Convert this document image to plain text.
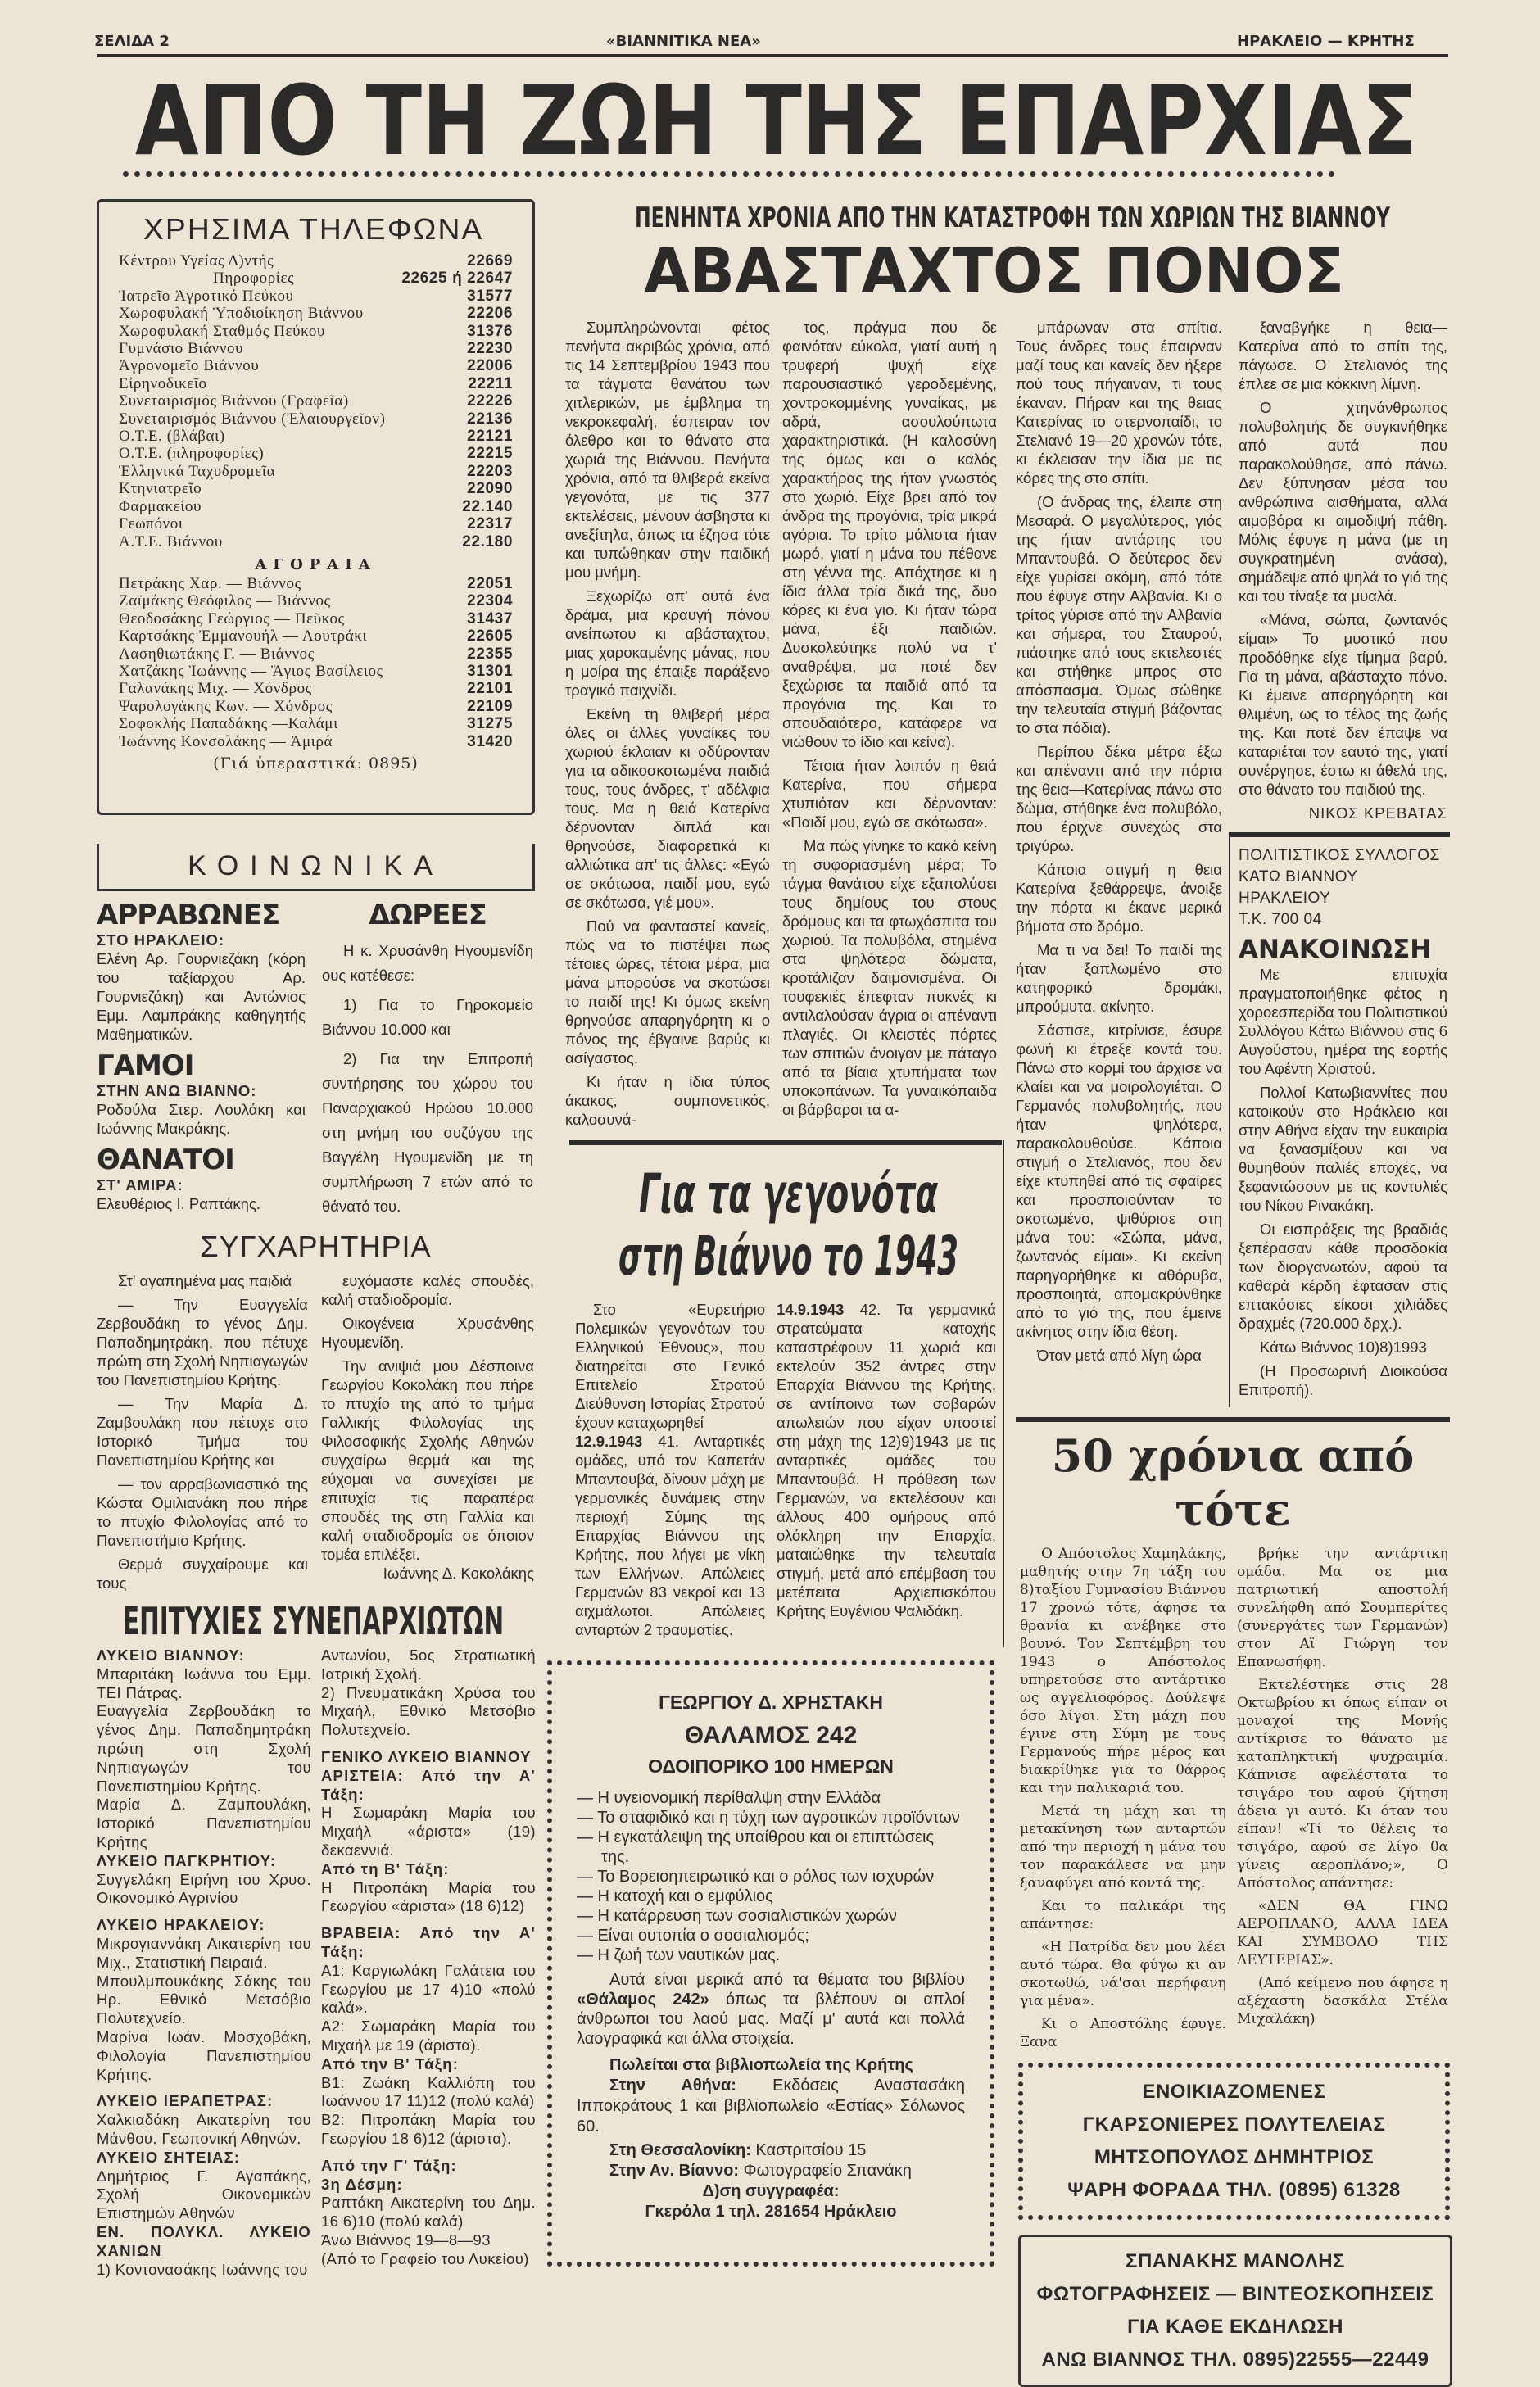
ΣΕΛΙΔΑ 2	«ΒΙΑΝΝΙΤΙΚΑ ΝΕΑ»	ΗΡΑΚΛΕΙΟ — ΚΡΗΤΗΣ
ΑΠΟ ΤΗ ΖΩΗ ΤΗΣ ΕΠΑΡΧΙΑΣ
ΧΡΗΣΙΜΑ ΤΗΛΕΦΩΝΑ
Κέντρου Υγείας Δ)ντής	22669
Πηροφορίες	22625 ή 22647
Ἰατρεῖο Ἀγροτικό Πεύκου	31577
Χωροφυλακή Ὑποδιοίκηση Βιάννου	22206
Χωροφυλακή Σταθμός Πεύκου	31376
Γυμνάσιο Βιάννου	22230
Ἀγρονομεῖο Βιάννου	22006
Εἰρηνοδικεῖο	22211
Συνεταιρισμός Βιάννου (Γραφεῖα)	22226
Συνεταιρισμός Βιάννου (Ἐλαιουργεῖον)	22136
Ο.Τ.Ε. (βλάβαι)	22121
Ο.Τ.Ε. (πληροφορίες)	22215
Ἑλληνικά Ταχυδρομεῖα	22203
Κτηνιατρεῖο	22090
Φαρμακείου	22.140
Γεωπόνοι	22317
Α.Τ.Ε. Βιάννου	22.180
ΑΓΟΡΑΙΑ
Πετράκης Χαρ. — Βιάννος	22051
Ζαϊμάκης Θεόφιλος — Βιάννος	22304
Θεοδοσάκης Γεώργιος — Πεῦκος	31437
Καρτσάκης Ἐμμανουήλ — Λουτράκι	22605
Λασηθιωτάκης Γ. — Βιάννος	22355
Χατζάκης Ἰωάννης — Ἅγιος Βασίλειος	31301
Γαλανάκης Μιχ. — Χόνδρος	22101
Ψαρολογάκης Κων. — Χόνδρος	22109
Σοφοκλής Παπαδάκης —Καλάμι	31275
Ἰωάννης Κονσολάκης — Ἀμιρά	31420
(Γιά ὑπεραστικά: 0895)
ΚΟΙΝΩΝΙΚΑ
ΑΡΡΑΒΩΝΕΣ
ΣΤΟ ΗΡΑΚΛΕΙΟ:
Ελένη Αρ. Γουρνιεζάκη (κόρη του ταξίαρχου Αρ. Γουρνιεζάκη) και Αντώνιος Εμμ. Λαμπράκης καθηγητής Μαθηματικών.
ΓΑΜΟΙ
ΣΤΗΝ ΑΝΩ ΒΙΑΝΝΟ:
Ροδούλα Στερ. Λουλάκη και Ιωάννης Μακράκης.
ΘΑΝΑΤΟΙ
ΣΤ' ΑΜΙΡΑ:
Ελευθέριος Ι. Ραπτάκης.
ΔΩΡΕΕΣ

Η κ. Χρυσάνθη Ηγουμενίδη ους κατέθεσε:

1) Για το Γηροκομείο Βιάννου 10.000 και

2) Για την Επιτροπή συντήρησης του χώρου του Παναρχιακού Ηρώου 10.000 στη μνήμη του συζύγου της Βαγγέλη Ηγουμενίδη με τη συμπλήρωση 7 ετών από το θάνατό του.

ΣΥΓΧΑΡΗΤΗΡΙΑ

Στ' αγαπημένα μας παιδιά

— Την Ευαγγελία Ζερβουδάκη το γένος Δημ. Παπαδημητράκη, που πέτυχε πρώτη στη Σχολή Νηπιαγωγών του Πανεπιστημίου Κρήτης.

— Την Μαρία Δ. Ζαμβουλάκη που πέτυχε στο Ιστορικό Τμήμα του Πανεπιστημίου Κρήτης και

— τον αρραβωνιαστικό της Κώστα Ομιλιανάκη που πήρε το πτυχίο Φιλολογίας από το Πανεπιστήμιο Κρήτης.

Θερμά συγχαίρουμε και τους

ευχόμαστε καλές σπουδές, καλή σταδιοδρομία.

Οικογένεια Χρυσάνθης Ηγουμενίδη.

Την ανιψιά μου Δέσποινα Γεωργίου Κοκολάκη που πήρε το πτυχίο της από το τμήμα Γαλλικής Φιλολογίας της Φιλοσοφικής Σχολής Αθηνών συγχαίρω θερμά και της εύχομαι να συνεχίσει με επιτυχία τις παραπέρα σπουδές της στη Γαλλία και καλή σταδιοδρομία σε όποιον τομέα επιλέξει.

Ιωάννης Δ. Κοκολάκης
ΕΠΙΤΥΧΙΕΣ ΣΥΝΕΠΑΡΧΙΩΤΩΝ
ΛΥΚΕΙΟ ΒΙΑΝΝΟΥ:
Μπαριτάκη Ιωάννα του Εμμ. ΤΕΙ Πάτρας.
Ευαγγελία Ζερβουδάκη το γένος Δημ. Παπαδημητράκη πρώτη στη Σχολή Νηπιαγωγών του Πανεπιστημίου Κρήτης.
Μαρία Δ. Ζαμπουλάκη, Ιστορικό Πανεπιστημίου Κρήτης
ΛΥΚΕΙΟ ΠΑΓΚΡΗΤΙΟΥ:
Συγγελάκη Ειρήνη του Χρυσ. Οικονομικό Αγρινίου
ΛΥΚΕΙΟ ΗΡΑΚΛΕΙΟΥ:
Μικρογιαννάκη Αικατερίνη του Μιχ., Στατιστική Πειραιά.
Μπουλμπουκάκης Σάκης του Ηρ. Εθνικό Μετσόβιο Πολυτεχνείο.
Μαρίνα Ιωάν. Μοσχοβάκη, Φιλολογία Πανεπιστημίου Κρήτης.
ΛΥΚΕΙΟ ΙΕΡΑΠΕΤΡΑΣ:
Χαλκιαδάκη Αικατερίνη του Μάνθου. Γεωπονική Αθηνών.
ΛΥΚΕΙΟ ΣΗΤΕΙΑΣ:
Δημήτριος Γ. Αγαπάκης, Σχολή Οικονομικών Επιστημών Αθηνών
ΕΝ. ΠΟΛΥΚΛ. ΛΥΚΕΙΟ ΧΑΝΙΩΝ
1) Κοντονασάκης Ιωάννης του
Αντωνίου, 5ος Στρατιωτική Ιατρική Σχολή.
2) Πνευματικάκη Χρύσα του Μιχαήλ, Εθνικό Μετσόβιο Πολυτεχνείο.
ΓΕΝΙΚΟ ΛΥΚΕΙΟ ΒΙΑΝΝΟΥ
ΑΡΙΣΤΕΙΑ: Από την Α' Τάξη:
Η Σωμαράκη Μαρία του Μιχαήλ «άριστα» (19) δεκαεννιά.
Από τη Β' Τάξη:
Η Πιτροπάκη Μαρία του Γεωργίου «άριστα» (18 6)12)
ΒΡΑΒΕΙΑ: Από την Α' Τάξη:
Α1: Καργιωλάκη Γαλάτεια του Γεωργίου με 17 4)10 «πολύ καλά».
Α2: Σωμαράκη Μαρία του Μιχαήλ με 19 (άριστα).
Από την Β' Τάξη:
Β1: Ζωάκη Καλλιόπη του Ιωάννου 17 11)12 (πολύ καλά)
Β2: Πιτροπάκη Μαρία του Γεωργίου 18 6)12 (άριστα).
Από την Γ' Τάξη:
3η Δέσμη:
Ραπτάκη Αικατερίνη του Δημ. 16 6)10 (πολύ καλά)
Άνω Βιάννος 19—8—93
(Από το Γραφείο του Λυκείου)
ΠΕΝΗΝΤΑ ΧΡΟΝΙΑ ΑΠΟ ΤΗΝ ΚΑΤΑΣΤΡΟΦΗ ΤΩΝ ΧΩΡΙΩΝ ΤΗΣ ΒΙΑΝΝΟΥ
ΑΒΑΣΤΑΧΤΟΣ ΠΟΝΟΣ

Συμπληρώνονται φέτος πενήντα ακριβώς χρόνια, από τις 14 Σεπτεμβρίου 1943 που τα τάγματα θανάτου των χιτλερικών, με έμβλημα τη νεκροκεφαλή, έσπειραν τον όλεθρο και το θάνατο στα χωριά της Βιάννου. Πενήντα χρόνια, από τα θλιβερά εκείνα γεγονότα, με τις 377 εκτελέσεις, μένουν άσβηστα κι ανεξίτηλα, όπως τα έζησα τότε και τυπώθηκαν στην παιδική μου μνήμη.

Ξεχωρίζω απ' αυτά ένα δράμα, μια κραυγή πόνου ανείπωτου κι αβάσταχτου, μιας χαροκαμένης μάνας, που η μοίρα της έπαιξε παράξενο τραγικό παιχνίδι.

Εκείνη τη θλιβερή μέρα όλες οι άλλες γυναίκες του χωριού έκλαιαν κι οδύρονταν για τα αδικοσκοτωμένα παιδιά τους, τους άνδρες, τ' αδέλφια τους. Μα η θειά Κατερίνα δέρνονταν διπλά και θρηνούσε, διαφορετικά κι αλλιώτικα απ' τις άλλες: «Εγώ σε σκότωσα, παιδί μου, εγώ σε σκότωσα, γιέ μου».

Πού να φανταστεί κανείς, πώς να το πιστέψει πως τέτοιες ώρες, τέτοια μέρα, μια μάνα μπορούσε να σκοτώσει το παιδί της! Κι όμως εκείνη θρηνούσε απαρηγόρητη κι ο πόνος της έβγαινε βαρύς κι ασίγαστος.

Κι ήταν η ίδια τύπος άκακος, συμπονετικός, καλοσυνά-

τος, πράγμα που δε φαινόταν εύκολα, γιατί αυτή η τρυφερή ψυχή είχε παρουσιαστικό γεροδεμένης, χοντροκομμένης γυναίκας, με αδρά, ασουλούπωτα χαρακτηριστικά. (Η καλοσύνη της όμως και ο καλός χαρακτήρας της ήταν γνωστός στο χωριό. Είχε βρει από τον άνδρα της προγόνια, τρία μικρά αγόρια. Το τρίτο μάλιστα ήταν μωρό, γιατί η μάνα του πέθανε στη γέννα της. Απόχτησε κι η ίδια άλλα τρία δικά της, δυο κόρες κι ένα γιο. Κι ήταν τώρα μάνα, έξι παιδιών. Δυσκολεύτηκε πολύ να τ' αναθρέψει, μα ποτέ δεν ξεχώρισε τα παιδιά από τα προγόνια της. Και το σπουδαιότερο, κατάφερε να νιώθουν το ίδιο και κείνα).

Τέτοια ήταν λοιπόν η θειά Κατερίνα, που σήμερα χτυπιόταν και δέρνονταν: «Παιδί μου, εγώ σε σκότωσα».

Μα πώς γίνηκε το κακό κείνη τη συφοριασμένη μέρα; Το τάγμα θανάτου είχε εξαπολύσει τους δημίους του στους δρόμους και τα φτωχόσπιτα του χωριού. Τα πολυβόλα, στημένα στα ψηλότερα δώματα, κροτάλιζαν δαιμονισμένα. Οι τουφεκιές έπεφταν πυκνές κι αντιλαλούσαν άγρια οι απέναντι πλαγιές. Οι κλειστές πόρτες των σπιτιών άνοιγαν με πάταγο από τα βίαια χτυπήματα των υποκοπάνων. Τα γυναικόπαιδα οι βάρβαροι τα α-

μπάρωναν στα σπίτια. Τους άνδρες τους έπαιρναν μαζί τους και κανείς δεν ήξερε πού τους πήγαιναν, τι τους έκαναν. Πήραν και της θειας Κατερίνας το στερνοπαίδι, το Στελιανό 19—20 χρονών τότε, κι έκλεισαν την ίδια με τις κόρες της στο σπίτι.

(Ο άνδρας της, έλειπε στη Μεσαρά. Ο μεγαλύτερος, γιός της ήταν αντάρτης του Μπαντουβά. Ο δεύτερος δεν είχε γυρίσει ακόμη, από τότε που έφυγε στην Αλβανία. Κι ο τρίτος γύρισε από την Αλβανία και σήμερα, του Σταυρού, πιάστηκε από τους εκτελεστές και στήθηκε μπρος στο απόσπασμα. Όμως σώθηκε την τελευταία στιγμή βάζοντας το στα πόδια).

Περίπου δέκα μέτρα έξω και απέναντι από την πόρτα της θεια—Κατερίνας πάνω στο δώμα, στήθηκε ένα πολυβόλο, που έριχνε συνεχώς στα τριγύρω.

Κάποια στιγμή η θεια Κατερίνα ξεθάρρεψε, άνοιξε την πόρτα κι έκανε μερικά βήματα στο δρόμο.

Μα τι να δει! Το παιδί της ήταν ξαπλωμένο στο κατηφορικό δρομάκι, μπρούμυτα, ακίνητο.

Σάστισε, κιτρίνισε, έσυρε φωνή κι έτρεξε κοντά του. Πάνω στο κορμί του άρχισε να κλαίει και να μοιρολογιέται. Ο Γερμανός πολυβολητής, που ήταν ψηλότερα, παρακολουθούσε. Κάποια στιγμή ο Στελιανός, που δεν είχε κτυπηθεί από τις σφαίρες και προσποιούνταν το σκοτωμένο, ψιθύρισε στη μάνα του: «Σώπα, μάνα, ζωντανός είμαι». Κι εκείνη παρηγορήθηκε κι αθόρυβα, προσποιητά, απομακρύνθηκε από το γιό της, που έμεινε ακίνητος στην ίδια θέση.

Όταν μετά από λίγη ώρα

ξαναβγήκε η θεια—Κατερίνα από το σπίτι της, πάγωσε. Ο Στελιανός της έπλεε σε μια κόκκινη λίμνη.

Ο χτηνάνθρωπος πολυβολητής δε συγκινήθηκε από αυτά που παρακολούθησε, από πάνω. Δεν ξύπνησαν μέσα του ανθρώπινα αισθήματα, αλλά αιμοβόρα κι αιμοδιψή πάθη. Μόλις έφυγε η μάνα (με τη συγκρατημένη ανάσα), σημάδεψε από ψηλά το γιό της και του τίναξε τα μυαλά.

«Μάνα, σώπα, ζωντανός είμαι» Το μυστικό που προδόθηκε είχε τίμημα βαρύ. Για τη μάνα, αβάσταχτο πόνο. Κι έμεινε απαρηγόρητη και θλιμένη, ως το τέλος της ζωής της. Και ποτέ δεν έπαψε να καταριέται τον εαυτό της, γιατί συνέργησε, έστω κι άθελά της, στο θάνατο του παιδιού της.

ΝΙΚΟΣ ΚΡΕΒΑΤΑΣ
ΠΟΛΙΤΙΣΤΙΚΟΣ ΣΥΛΛΟΓΟΣ
ΚΑΤΩ ΒΙΑΝΝΟΥ ΗΡΑΚΛΕΙΟΥ
Τ.Κ. 700 04
ΑΝΑΚΟΙΝΩΣΗ

Με επιτυχία πραγματοποιήθηκε φέτος η χοροεσπερίδα του Πολιτιστικού Συλλόγου Κάτω Βιάννου στις 6 Αυγούστου, ημέρα της εορτής του Αφέντη Χριστού.

Πολλοί Κατωβιαννίτες που κατοικούν στο Ηράκλειο και στην Αθήνα είχαν την ευκαιρία να ξανασμίξουν και να θυμηθούν παλιές εποχές, να ξεφαντώσουν με τις κοντυλιές του Νίκου Ρινακάκη.

Οι εισπράξεις της βραδιάς ξεπέρασαν κάθε προσδοκία των διοργανωτών, αφού τα καθαρά κέρδη έφτασαν στις επτακόσιες είκοσι χιλιάδες δραχμές (720.000 δρχ.).

Κάτω Βιάννος 10)8)1993

(Η Προσωρινή Διοικούσα Επιτροπή).

Για τα γεγονότα
στη Βιάννο το 1943
Στο «Ευρετήριο Πολεμικών γεγονότων του Ελληνικού Έθνους», που διατηρείται στο Γενικό Επιτελείο Στρατού Διεύθυνση Ιστορίας Στρατού έχουν καταχωρηθεί
12.9.1943 41. Ανταρτικές ομάδες, υπό τον Καπετάν Μπαντουβά, δίνουν μάχη με γερμανικές δυνάμεις στην περιοχή Σύμης της Επαρχίας Βιάννου της Κρήτης, που λήγει με νίκη των Ελλήνων. Απώλειες Γερμανών 83 νεκροί και 13 αιχμάλωτοι. Απώλειες ανταρτών 2 τραυματίες.
14.9.1943 42. Τα γερμανικά στρατεύματα κατοχής καταστρέφουν 11 χωριά και εκτελούν 352 άντρες στην Επαρχία Βιάννου της Κρήτης, σε αντίποινα των σοβαρών απωλειών που είχαν υποστεί στη μάχη της 12)9)1943 με τις ανταρτικές ομάδες του Μπαντουβά. Η πρόθεση των Γερμανών, να εκτελέσουν και άλλους 400 ομήρους από ολόκληρη την Επαρχία, ματαιώθηκε την τελευταία στιγμή, μετά από επέμβαση του μετέπειτα Αρχιεπισκόπου Κρήτης Ευγένιου Ψαλιδάκη.
50 χρόνια από τότε

Ο Απόστολος Χαμηλάκης, μαθητής στην 7η τάξη του 8)ταξίου Γυμνασίου Βιάννου 17 χρονώ τότε, άφησε τα θρανία κι ανέβηκε στο βουνό. Τον Σεπτέμβρη του 1943 ο Απόστολος υπηρετούσε στο αντάρτικο ως αγγελιοφόρος. Δούλεψε όσο λίγοι. Στη μάχη που έγινε στη Σύμη με τους Γερμανούς πήρε μέρος και διακρίθηκε για το θάρρος και την παλικαριά του.

Μετά τη μάχη και τη μετακίνηση των ανταρτών από την περιοχή η μάνα του τον παρακάλεσε να μην ξαναφύγει από κοντά της.

Και το παλικάρι της απάντησε:

«Η Πατρίδα δεν μου λέει αυτό τώρα. Θα φύγω κι αν σκοτωθώ, νά'σαι περήφανη για μένα».

Κι ο Αποστόλης έφυγε. Ξανα

βρήκε την αντάρτικη ομάδα. Μα σε μια πατριωτική αποστολή συνελήφθη από Σουμπερίτες (συνεργάτες των Γερμανών) στον Αϊ Γιώργη τον Επανωσήφη.

Εκτελέστηκε στις 28 Οκτωβρίου κι όπως είπαν οι μοναχοί της Μονής αντίκρισε το θάνατο με καταπληκτική ψυχραιμία. Κάπνισε αφελέστατα το τσιγάρο του αφού ζήτηση άδεια γι αυτό. Κι όταν του είπαν! «Τί το θέλεις το τσιγάρο, αφού σε λίγο θα γίνεις αεροπλάνο;», Ο Απόστολος απάντησε:

«ΔΕΝ ΘΑ ΓΙΝΩ ΑΕΡΟΠΛΑΝΟ, ΑΛΛΑ ΙΔΕΑ ΚΑΙ ΣΥΜΒΟΛΟ ΤΗΣ ΛΕΥΤΕΡΙΑΣ».

(Από κείμενο που άφησε η αξέχαστη δασκάλα Στέλα Μιχαλάκη)

ΓΕΩΡΓΙΟΥ Δ. ΧΡΗΣΤΑΚΗ
ΘΑΛΑΜΟΣ 242
ΟΔΟΙΠΟΡΙΚΟ 100 ΗΜΕΡΩΝ

— Η υγειονομική περίθαλψη στην Ελλάδα

— Το σταφιδικό και η τύχη των αγροτικών προϊόντων

— Η εγκατάλειψη της υπαίθρου και οι επιπτώσεις της.

— Το Βορειοηπειρωτικό και ο ρόλος των ισχυρών

— Η κατοχή και ο εμφύλιος

— Η κατάρρευση των σοσιαλιστικών χωρών

— Είναι ουτοπία ο σοσιαλισμός;

— Η ζωή των ναυτικών μας.

Αυτά είναι μερικά από τα θέματα του βιβλίου «Θάλαμος 242» όπως τα βλέπουν οι απλοί άνθρωποι του λαού μας. Μαζί μ' αυτά και πολλά λαογραφικά και άλλα στοιχεία.
Πωλείται στα βιβλιοπωλεία της Κρήτης
Στην Αθήνα: Εκδόσεις Αναστασάκη Ιπποκράτους 1 και βιβλιοπωλείο «Εστίας» Σόλωνος 60.
Στη Θεσσαλονίκη: Καστριτσίου 15
Στην Αν. Βίαννο: Φωτογραφείο Σπανάκη
Δ)ση συγγραφέα:
Γκερόλα 1 τηλ. 281654 Ηράκλειο
ΕΝΟΙΚΙΑΖΟΜΕΝΕΣ
ΓΚΑΡΣΟΝΙΕΡΕΣ ΠΟΛΥΤΕΛΕΙΑΣ
ΜΗΤΣΟΠΟΥΛΟΣ ΔΗΜΗΤΡΙΟΣ
ΨΑΡΗ ΦΟΡΑΔΑ ΤΗΛ. (0895) 61328
ΣΠΑΝΑΚΗΣ ΜΑΝΟΛΗΣ
ΦΩΤΟΓΡΑΦΗΣΕΙΣ — ΒΙΝΤΕΟΣΚΟΠΗΣΕΙΣ
ΓΙΑ ΚΑΘΕ ΕΚΔΗΛΩΣΗ
ΑΝΩ ΒΙΑΝΝΟΣ ΤΗΛ. 0895)22555—22449
